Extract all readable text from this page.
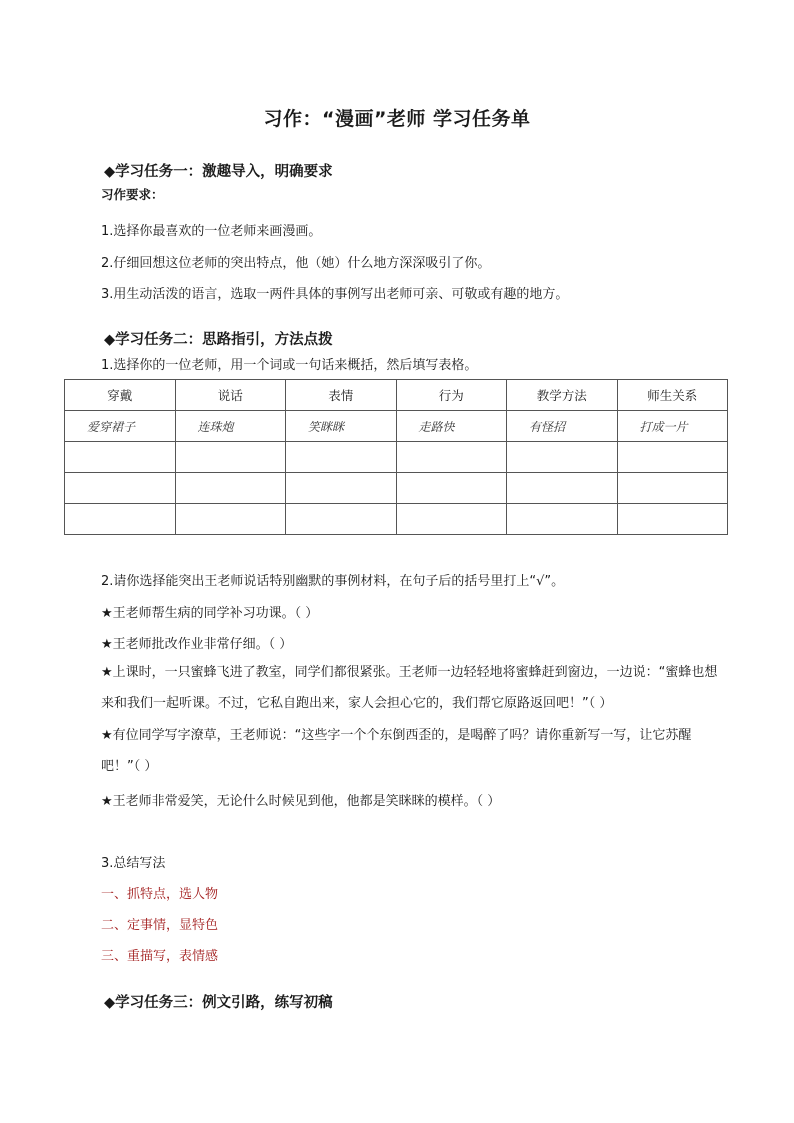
习作：“漫画”老师 学习任务单
◆学习任务一：激趣导入，明确要求
习作要求：
1.选择你最喜欢的一位老师来画漫画。
2.仔细回想这位老师的突出特点，他（她）什么地方深深吸引了你。
3.用生动活泼的语言，选取一两件具体的事例写出老师可亲、可敬或有趣的地方。
◆学习任务二：思路指引，方法点拨
1.选择你的一位老师，用一个词或一句话来概括，然后填写表格。
穿戴	说话	表情	行为	教学方法	师生关系
爱穿裙子	连珠炮	笑眯眯	走路快	有怪招	打成一片

2.请你选择能突出王老师说话特别幽默的事例材料，在句子后的括号里打上“√”。
★王老师帮生病的同学补习功课。（ ）
★王老师批改作业非常仔细。（ ）
★上课时，一只蜜蜂飞进了教室，同学们都很紧张。王老师一边轻轻地将蜜蜂赶到窗边，一边说：“蜜蜂也想来和我们一起听课。不过，它私自跑出来，家人会担心它的，我们帮它原路返回吧！”（ ）
★有位同学写字潦草，王老师说：“这些字一个个东倒西歪的，是喝醉了吗？请你重新写一写，让它苏醒吧！”（ ）
★王老师非常爱笑，无论什么时候见到他，他都是笑眯眯的模样。（ ）
3.总结写法
一、抓特点，选人物
二、定事情，显特色
三、重描写，表情感
◆学习任务三：例文引路，练写初稿
